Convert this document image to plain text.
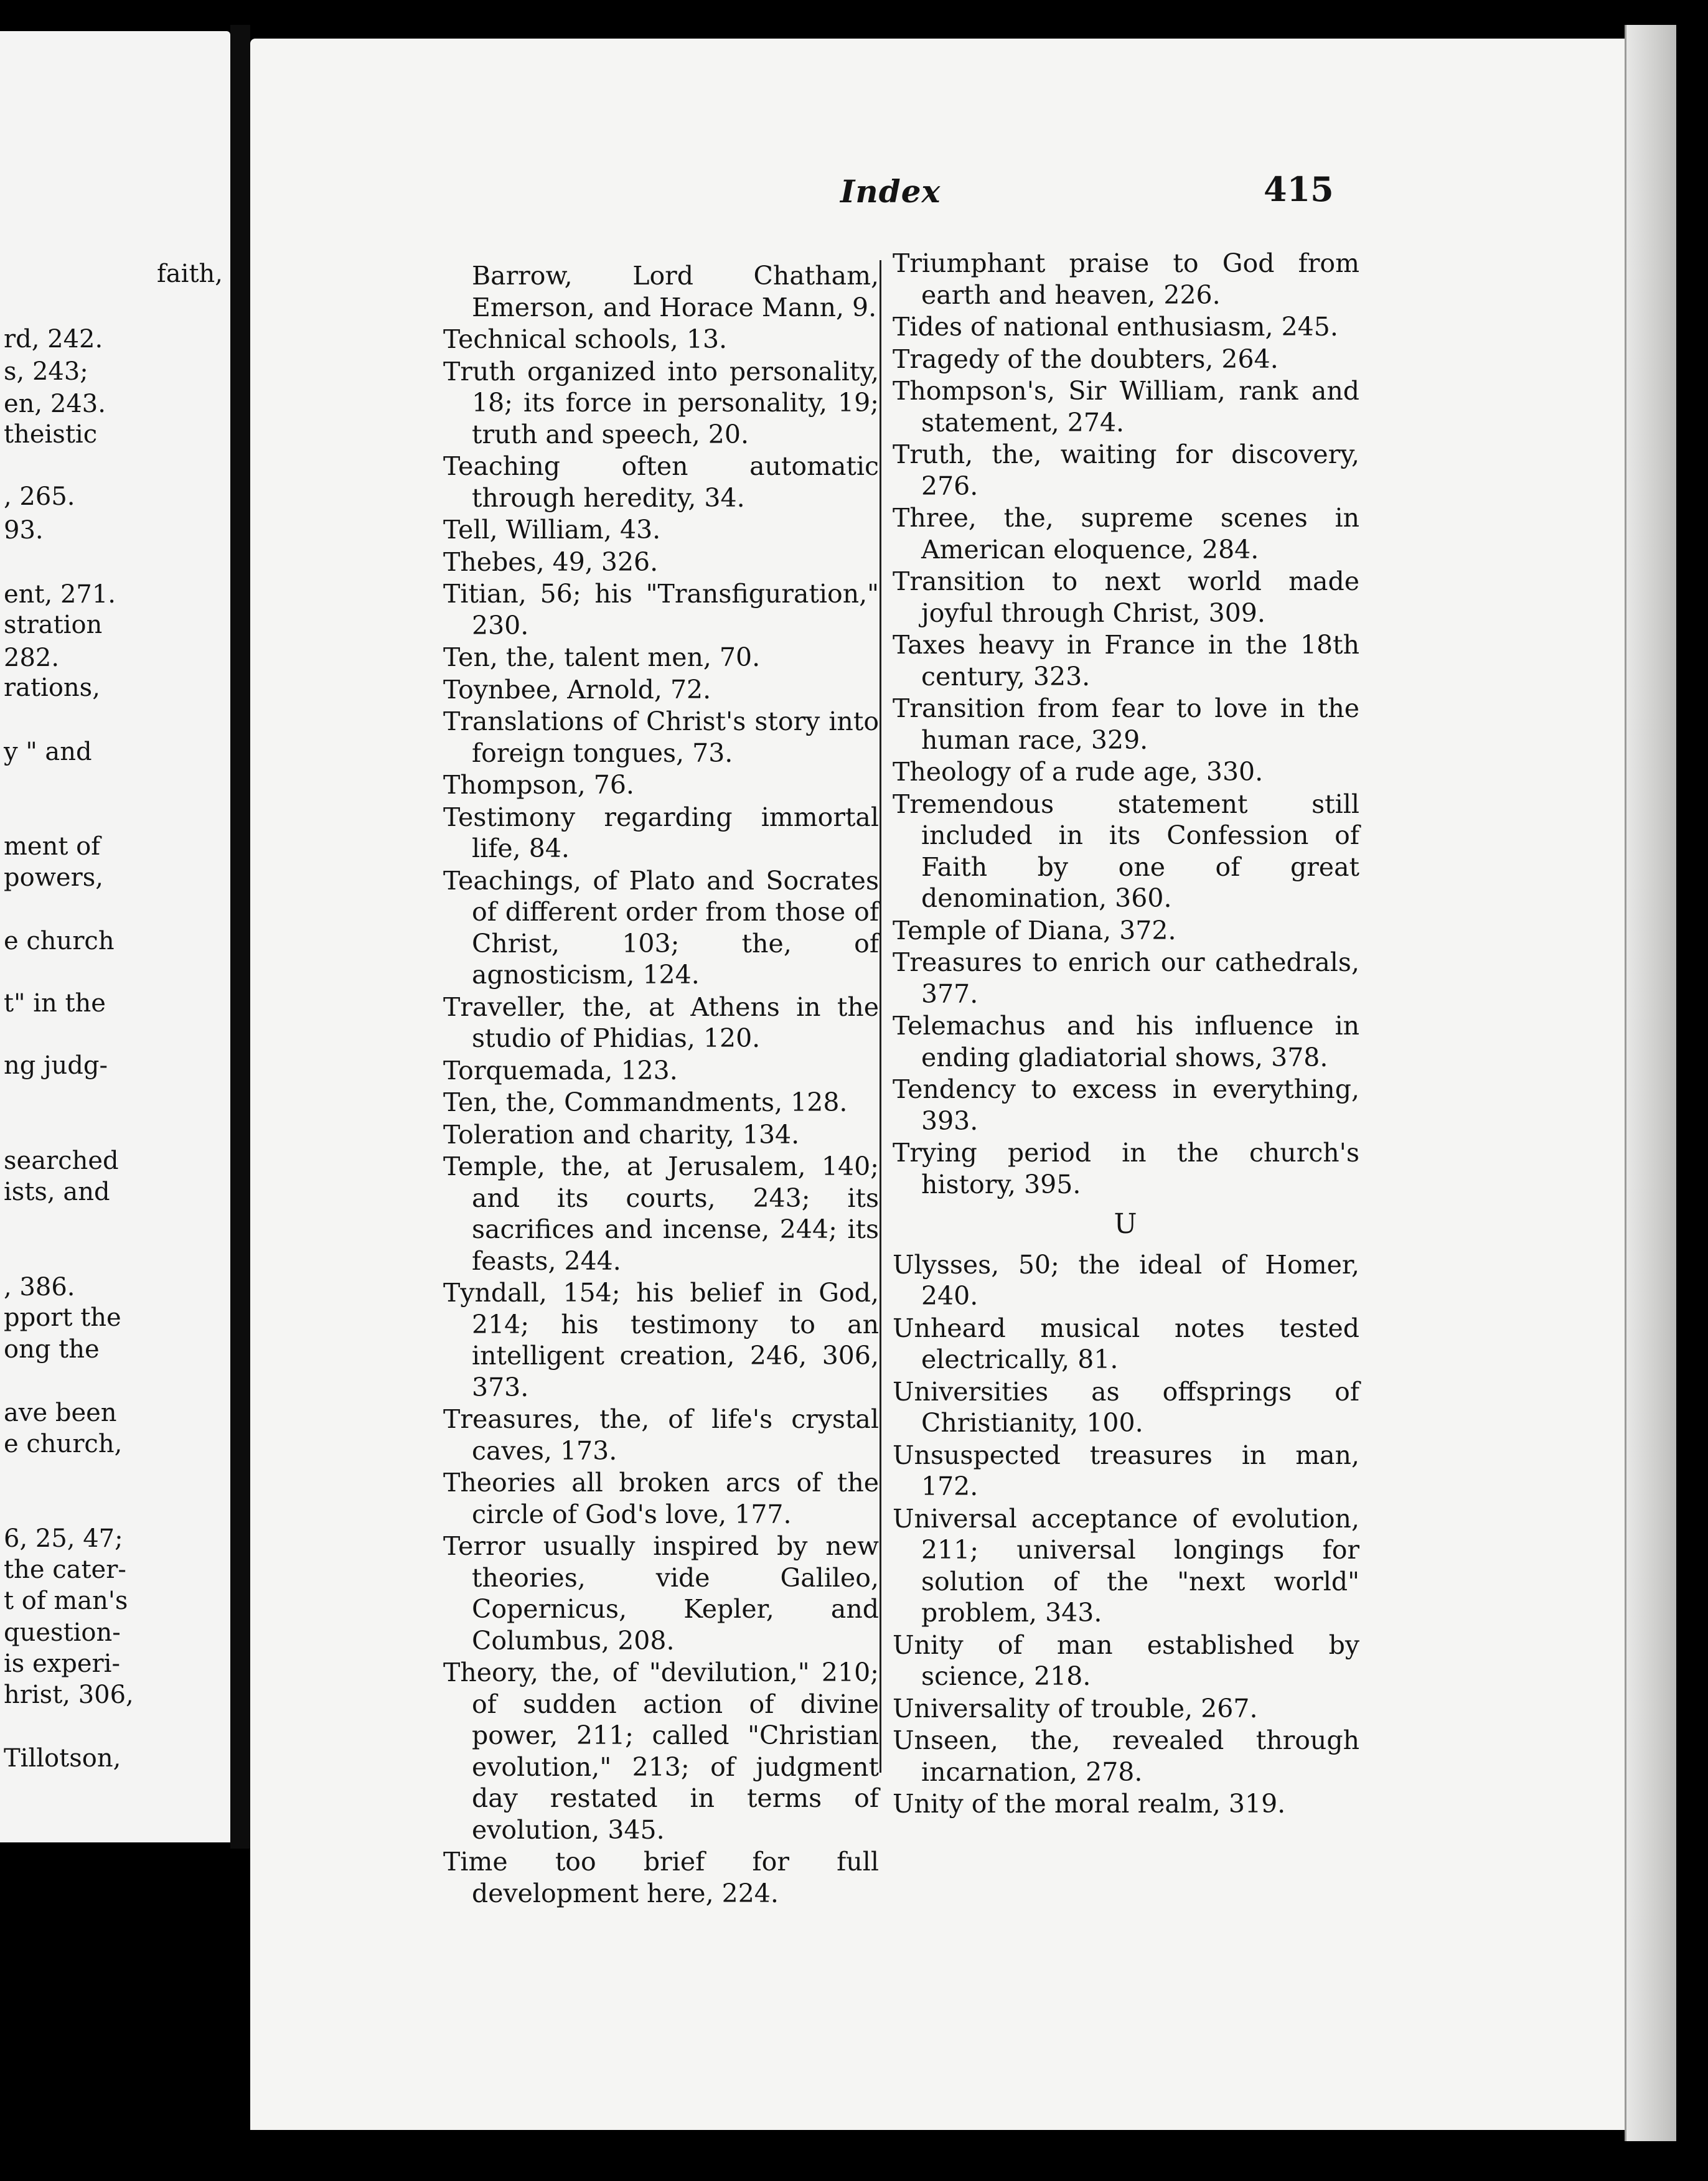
faith,
rd, 242.
s, 243;
en, 243.
theistic
, 265.
93.
ent, 271.
stration
282.
rations,
y " and
ment of
powers,
e church
t" in the
ng judg-
searched
ists, and
, 386.
pport the
ong the
ave been
e church,
6, 25, 47;
the cater-
t of man's
question-
is experi-
hrist, 306,
Tillotson,
Index	415
Barrow, Lord Chatham, Emerson, and Horace Mann, 9.
Technical schools, 13.
Truth organized into personality, 18; its force in personality, 19; truth and speech, 20.
Teaching often automatic through heredity, 34.
Tell, William, 43.
Thebes, 49, 326.
Titian, 56; his "Transfiguration," 230.
Ten, the, talent men, 70.
Toynbee, Arnold, 72.
Translations of Christ's story into foreign tongues, 73.
Thompson, 76.
Testimony regarding immortal life, 84.
Teachings, of Plato and Socrates of different order from those of Christ, 103; the, of agnosticism, 124.
Traveller, the, at Athens in the studio of Phidias, 120.
Torquemada, 123.
Ten, the, Commandments, 128.
Toleration and charity, 134.
Temple, the, at Jerusalem, 140; and its courts, 243; its sacrifices and incense, 244; its feasts, 244.
Tyndall, 154; his belief in God, 214; his testimony to an intelligent creation, 246, 306, 373.
Treasures, the, of life's crystal caves, 173.
Theories all broken arcs of the circle of God's love, 177.
Terror usually inspired by new theories, vide Galileo, Copernicus, Kepler, and Columbus, 208.
Theory, the, of "devilution," 210; of sudden action of divine power, 211; called "Christian evolution," 213; of judgment day restated in terms of evolution, 345.
Time too brief for full development here, 224.
Triumphant praise to God from earth and heaven, 226.
Tides of national enthusiasm, 245.
Tragedy of the doubters, 264.
Thompson's, Sir William, rank and statement, 274.
Truth, the, waiting for discovery, 276.
Three, the, supreme scenes in American eloquence, 284.
Transition to next world made joyful through Christ, 309.
Taxes heavy in France in the 18th century, 323.
Transition from fear to love in the human race, 329.
Theology of a rude age, 330.
Tremendous statement still included in its Confession of Faith by one of great denomination, 360.
Temple of Diana, 372.
Treasures to enrich our cathedrals, 377.
Telemachus and his influence in ending gladiatorial shows, 378.
Tendency to excess in everything, 393.
Trying period in the church's history, 395.
U
Ulysses, 50; the ideal of Homer, 240.
Unheard musical notes tested electrically, 81.
Universities as offsprings of Christianity, 100.
Unsuspected treasures in man, 172.
Universal acceptance of evolution, 211; universal longings for solution of the "next world" problem, 343.
Unity of man established by science, 218.
Universality of trouble, 267.
Unseen, the, revealed through incarnation, 278.
Unity of the moral realm, 319.
